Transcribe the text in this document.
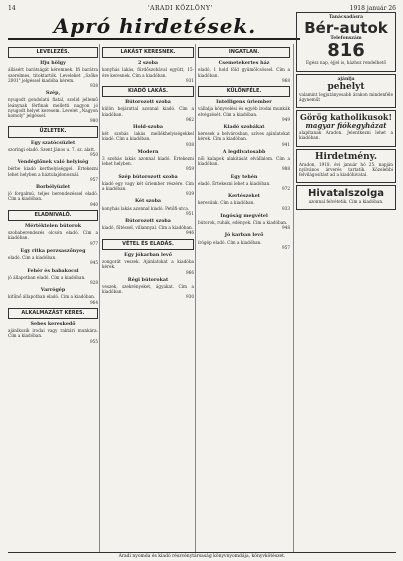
14	'ARADI KÖZLÖNY'	1918 január 26
Apró hirdetések.
LEVELEZÉS.
Ifju hölgy
állásért barátságát kéremnek. Ifi barátra szerelmes, titoktartók. Leveleket „Szőke 2001" jelgéssel kiadóba kérem.
938
Szép,
nyugodt gondolatú fiatal, szolid jellemű leánynak férfinak melletti nagyon jó nyugodt helyet keresem. Levelet „Nagyon komoly" jelgéssel.
980
ÜZLETEK.
Egy szatócsüzlet
szoringi eladó. Szent János u. 7. sz. alatt.
950
Vendéglőnek való helyiség
bérbe kiadó kerthelyiséggel. Értekezni lehet helyben a háztulajdonosnál.
957
Borbélyüzlet
jó forgalmú, teljes berendezéssel eladó. Cím a kiadóban.
940
ELADNIVALÓ.
Mértéktelen bútorok
szobaberendezés olcsón eladó. Cím a kiadóban.
977
Egy ritka perzsaszőnyeg
eladó. Cím a kiadóban.
945
Fehér és babakocsi
jó állapotban eladó. Cím a kiadóban.
928
Varrógép
kitűnő állapotban eladó. Cím a kiadóban.
964
ALKALMAZÁST KERES.
Sebes kereskedő
ajánlkozik irodai vagy raktári munkára. Cím a kiadóban.
955
LAKÁST KERESNEK.
2 szoba
konyhás lakás, fürdőszobával együtt, 15-ére keresnek. Cím a kiadóban.
931
KIADÓ LAKÁS.
Bútorozott szoba
külön bejárattal azonnal kiadó. Cím a kiadóban.
962
Hold-szoba
két szobás lakás mellékhelyiségekkel kiadó. Cím a kiadóban.
938
Modern
3 szobás lakás azonnal kiadó. Értekezni lehet helyben.
959
Szép bútorozott szoba
kiadó egy vagy két úriember részére. Cím a kiadóban.
939
Két szoba
konyhás lakás azonnal kiadó. Petőfi-utca.
951
Bútorozott szoba
kiadó, fűtéssel, villannyal. Cím a kiadóban.
946
VÉTEL ÉS ELADÁS.
Egy jókarban levő
zongorát veszek. Ajánlatokat a kiadóba kérek.
966
Régi bútorokat
veszek, szekrényeket, ágyakat. Cím a kiadóban.
930
INGATLAN.
Csemetekertes ház
eladó, 1 hold föld gyümölcsössel. Cím a kiadóban.
968
KÜLÖNFÉLE.
Intelligens úriember
vállalja könyvelési és egyéb irodai munkák elvégzését. Cím a kiadóban.
949
Kiadó szobákat
keresek a belvárosban, szíves ajánlatokat kérek. Cím a kiadóban.
941
A legdivatosabb
női kalapok alakítását elvállalom. Cím a kiadóban.
988
Egy tehén
eladó. Értekezni lehet a kiadóban.
972
Kertészeket
keresünk. Cím a kiadóban.
933
Ingóság megvétel
bútorok, ruhák, edények. Cím a kiadóban.
948
Jó karban levő
írógép eladó. Cím a kiadóban.
957
Tanácsadásra
Bér-autok
Telefonszám
816
Egész nap, éjjel is, házhoz rendelhető
ajánlja
pehelyt
valamint legjutányosabb árakon mindenféle ágyneműt
Görög katholikusok!
magyar fiókegyházat
alapítanak Aradon. Jelentkezni lehet a kiadóban.
Hirdetmény.
Aradon, 1918. évi január hó 25. napján nyilvános árverés tartatik. Közelebbi felvilágosítást ad a kiadóhivatal.
Hivatalszolga
azonnal felvétetik. Cím a kiadóban.
Aradi nyomda és kiadó részvénytársaság könyvnyomdája, könyvkötészet.
